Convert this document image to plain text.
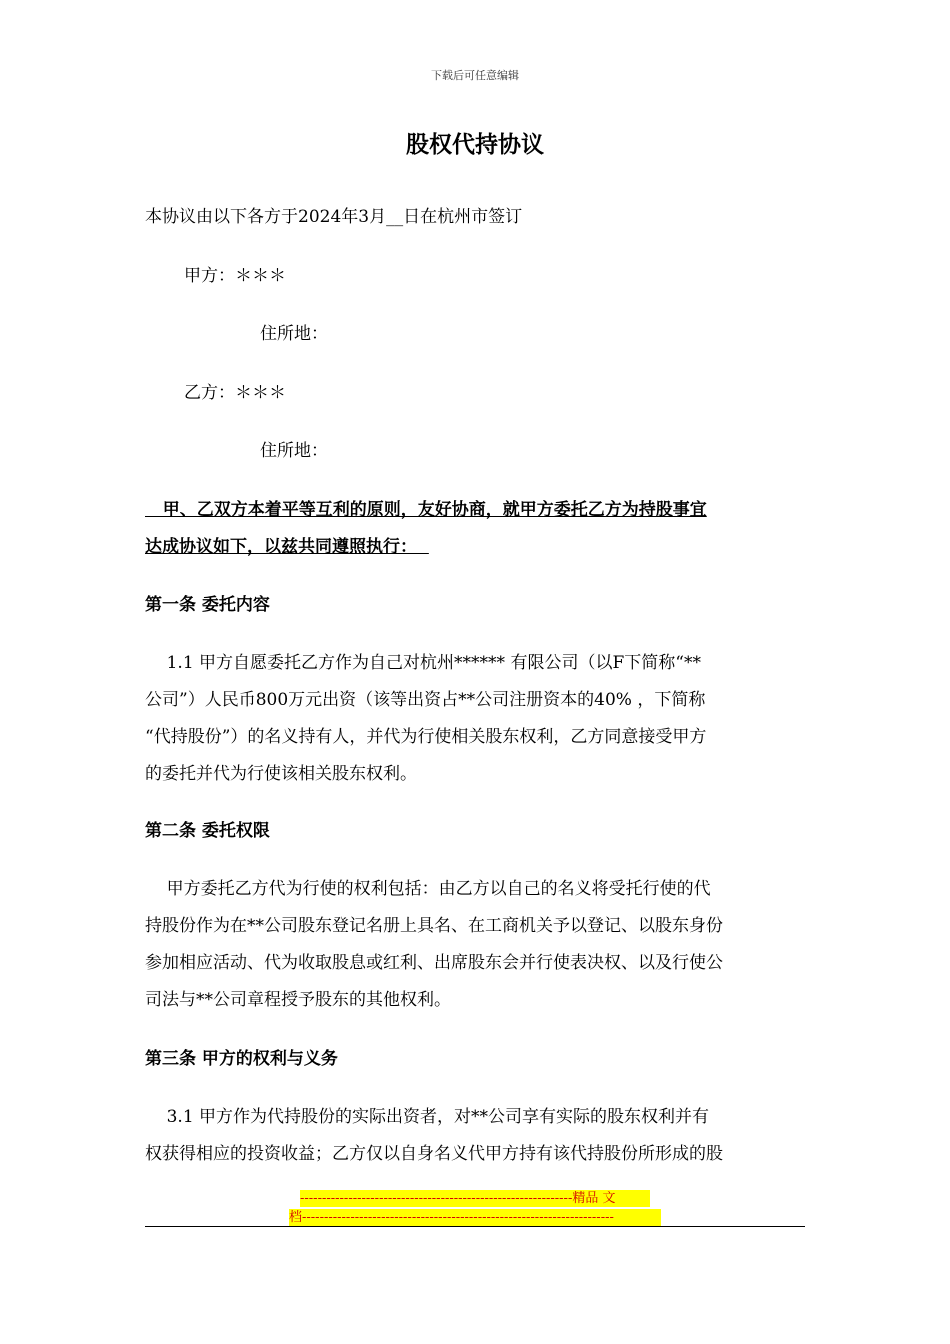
下载后可任意编辑
股权代持协议
本协议由以下各方于2024年3月__日在杭州市签订
甲方：＊＊＊
住所地：
乙方：＊＊＊
住所地：
甲、乙双方本着平等互利的原则，友好协商，就甲方委托乙方为持股事宜
达成协议如下，以兹共同遵照执行：
第一条 委托内容
1.1 甲方自愿委托乙方作为自己对杭州****** 有限公司（以F下简称“**
公司”）人民币800万元出资（该等出资占**公司注册资本的40% ，下简称
“代持股份”）的名义持有人，并代为行使相关股东权利，乙方同意接受甲方
的委托并代为行使该相关股东权利。
第二条 委托权限
甲方委托乙方代为行使的权利包括：由乙方以自己的名义将受托行使的代
持股份作为在**公司股东登记名册上具名、在工商机关予以登记、以股东身份
参加相应活动、代为收取股息或红利、出席股东会并行使表决权、以及行使公
司法与**公司章程授予股东的其他权利。
第三条 甲方的权利与义务
3.1 甲方作为代持股份的实际出资者，对**公司享有实际的股东权利并有
权获得相应的投资收益；乙方仅以自身名义代甲方持有该代持股份所形成的股
--------------------------------------------------------------精品 文
档-----------------------------------------------------------------------
